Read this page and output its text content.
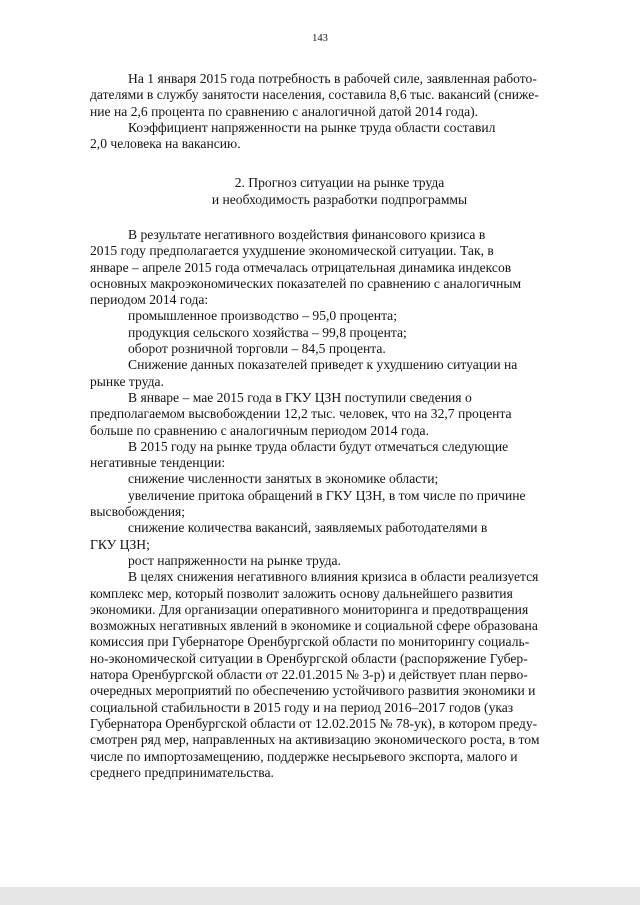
143
На 1 января 2015 года потребность в рабочей силе, заявленная работо-
дателями в службу занятости населения, составила 8,6 тыс. вакансий (сниже-
ние на 2,6 процента по сравнению с аналогичной датой 2014 года).
Коэффициент напряженности на рынке труда области составил
2,0 человека на вакансию.
2. Прогноз ситуации на рынке труда
и необходимость разработки подпрограммы
В результате негативного воздействия финансового кризиса в
2015 году предполагается ухудшение экономической ситуации. Так, в
январе – апреле 2015 года отмечалась отрицательная динамика индексов
основных макроэкономических показателей по сравнению с аналогичным
периодом 2014 года:
промышленное производство – 95,0 процента;
продукция сельского хозяйства – 99,8 процента;
оборот розничной торговли – 84,5 процента.
Снижение данных показателей приведет к ухудшению ситуации на
рынке труда.
В январе – мае 2015 года в ГКУ ЦЗН поступили сведения о
предполагаемом высвобождении 12,2 тыс. человек, что на 32,7 процента
больше по сравнению с аналогичным периодом 2014 года.
В 2015 году на рынке труда области будут отмечаться следующие
негативные тенденции:
снижение численности занятых в экономике области;
увеличение притока обращений в ГКУ ЦЗН, в том числе по причине
высвобождения;
снижение количества вакансий, заявляемых работодателями в
ГКУ ЦЗН;
рост напряженности на рынке труда.
В целях снижения негативного влияния кризиса в области реализуется
комплекс мер, который позволит заложить основу дальнейшего развития
экономики. Для организации оперативного мониторинга и предотвращения
возможных негативных явлений в экономике и социальной сфере образована
комиссия при Губернаторе Оренбургской области по мониторингу социаль-
но-экономической ситуации в Оренбургской области (распоряжение Губер-
натора Оренбургской области от 22.01.2015 № 3-р) и действует план перво-
очередных мероприятий по обеспечению устойчивого развития экономики и
социальной стабильности в 2015 году и на период 2016–2017 годов (указ
Губернатора Оренбургской области от 12.02.2015 № 78-ук), в котором преду-
смотрен ряд мер, направленных на активизацию экономического роста, в том
числе по импортозамещению, поддержке несырьевого экспорта, малого и
среднего предпринимательства.
